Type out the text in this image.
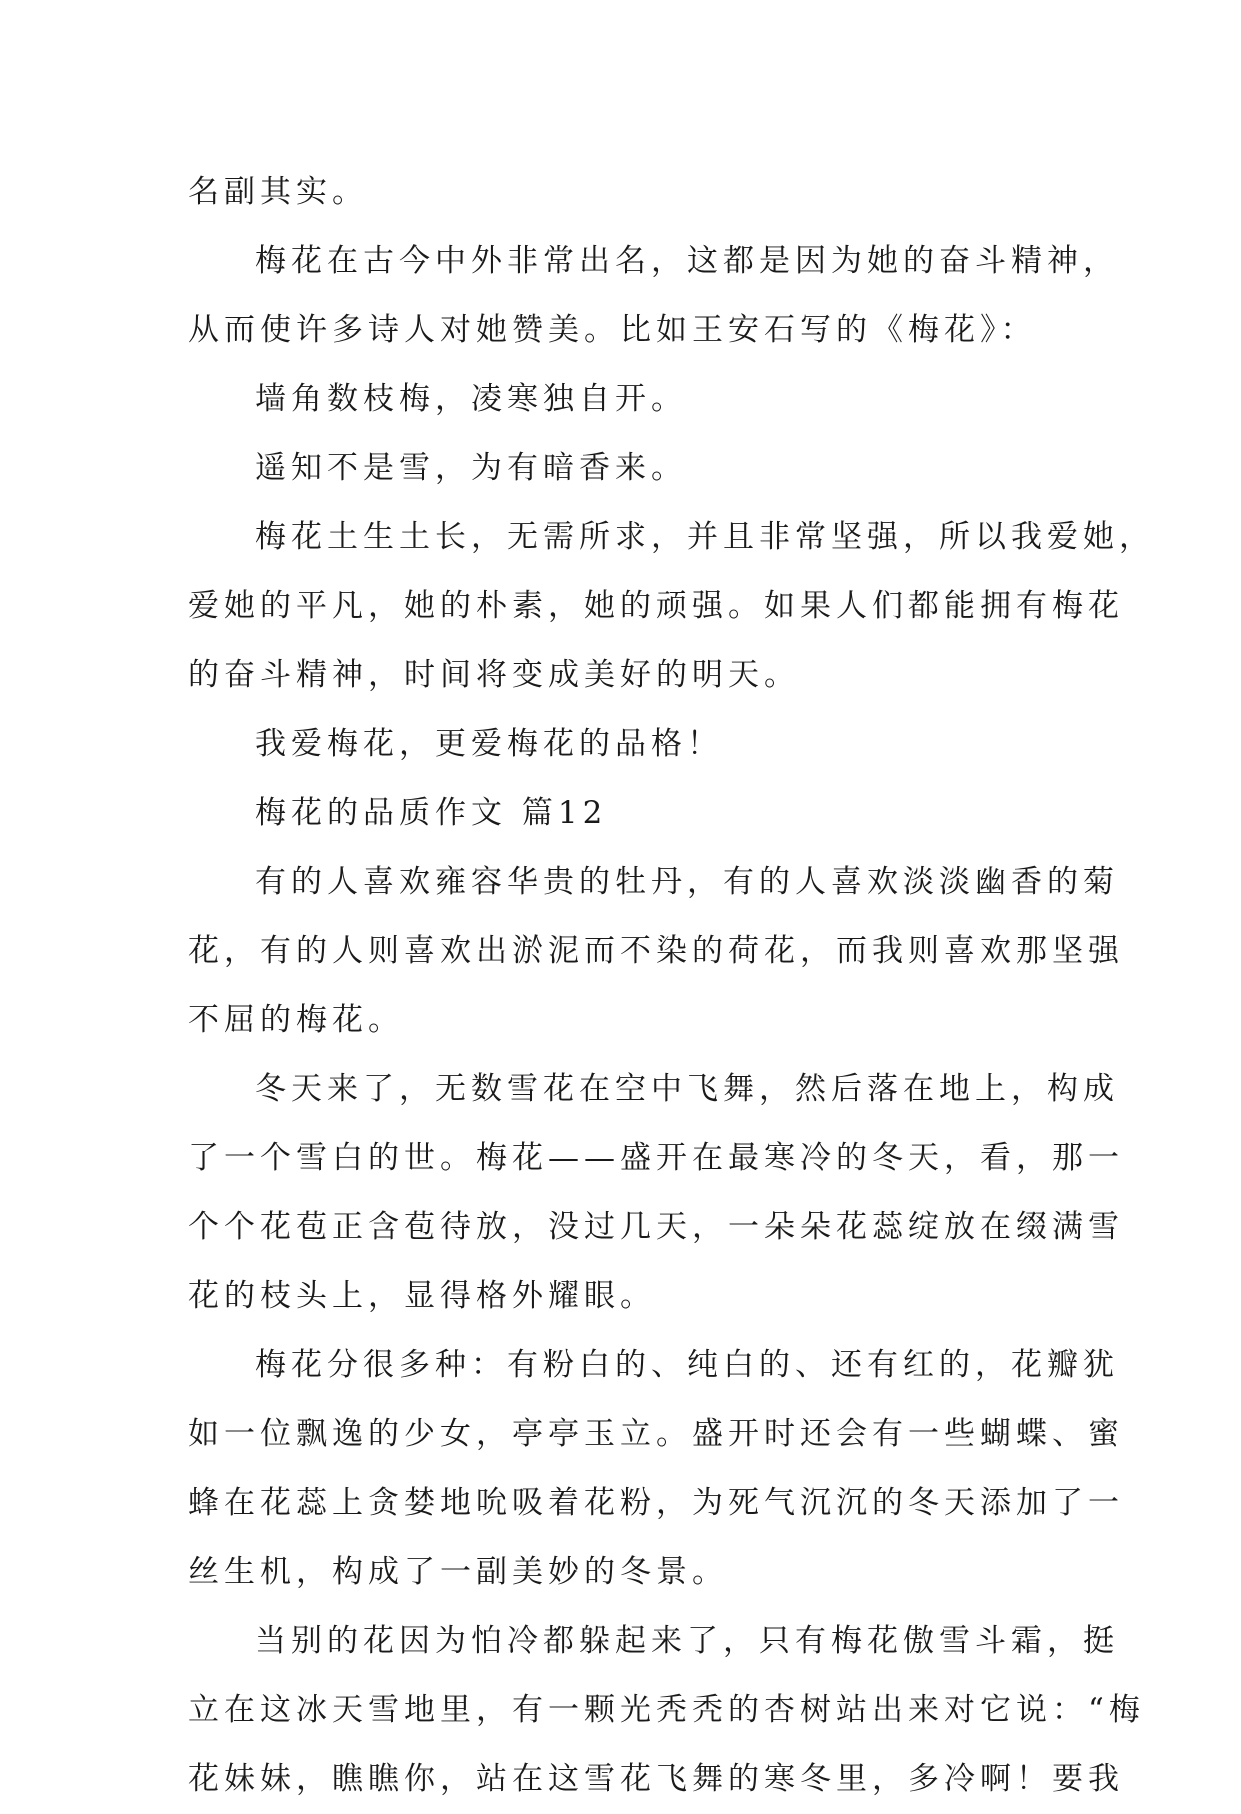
名副其实。
梅花在古今中外非常出名，这都是因为她的奋斗精神，
从而使许多诗人对她赞美。比如王安石写的《梅花》：
墙角数枝梅，凌寒独自开。
遥知不是雪，为有暗香来。
梅花土生土长，无需所求，并且非常坚强，所以我爱她，
爱她的平凡，她的朴素，她的顽强。如果人们都能拥有梅花
的奋斗精神，时间将变成美好的明天。
我爱梅花，更爱梅花的品格！
梅花的品质作文 篇12
有的人喜欢雍容华贵的牡丹，有的人喜欢淡淡幽香的菊
花，有的人则喜欢出淤泥而不染的荷花，而我则喜欢那坚强
不屈的梅花。
冬天来了，无数雪花在空中飞舞，然后落在地上，构成
了一个雪白的世。梅花——盛开在最寒冷的冬天，看，那一
个个花苞正含苞待放，没过几天，一朵朵花蕊绽放在缀满雪
花的枝头上，显得格外耀眼。
梅花分很多种：有粉白的、纯白的、还有红的，花瓣犹
如一位飘逸的少女，亭亭玉立。盛开时还会有一些蝴蝶、蜜
蜂在花蕊上贪婪地吮吸着花粉，为死气沉沉的冬天添加了一
丝生机，构成了一副美妙的冬景。
当别的花因为怕冷都躲起来了，只有梅花傲雪斗霜，挺
立在这冰天雪地里，有一颗光秃秃的杏树站出来对它说：“梅
花妹妹，瞧瞧你，站在这雪花飞舞的寒冬里，多冷啊！要我
